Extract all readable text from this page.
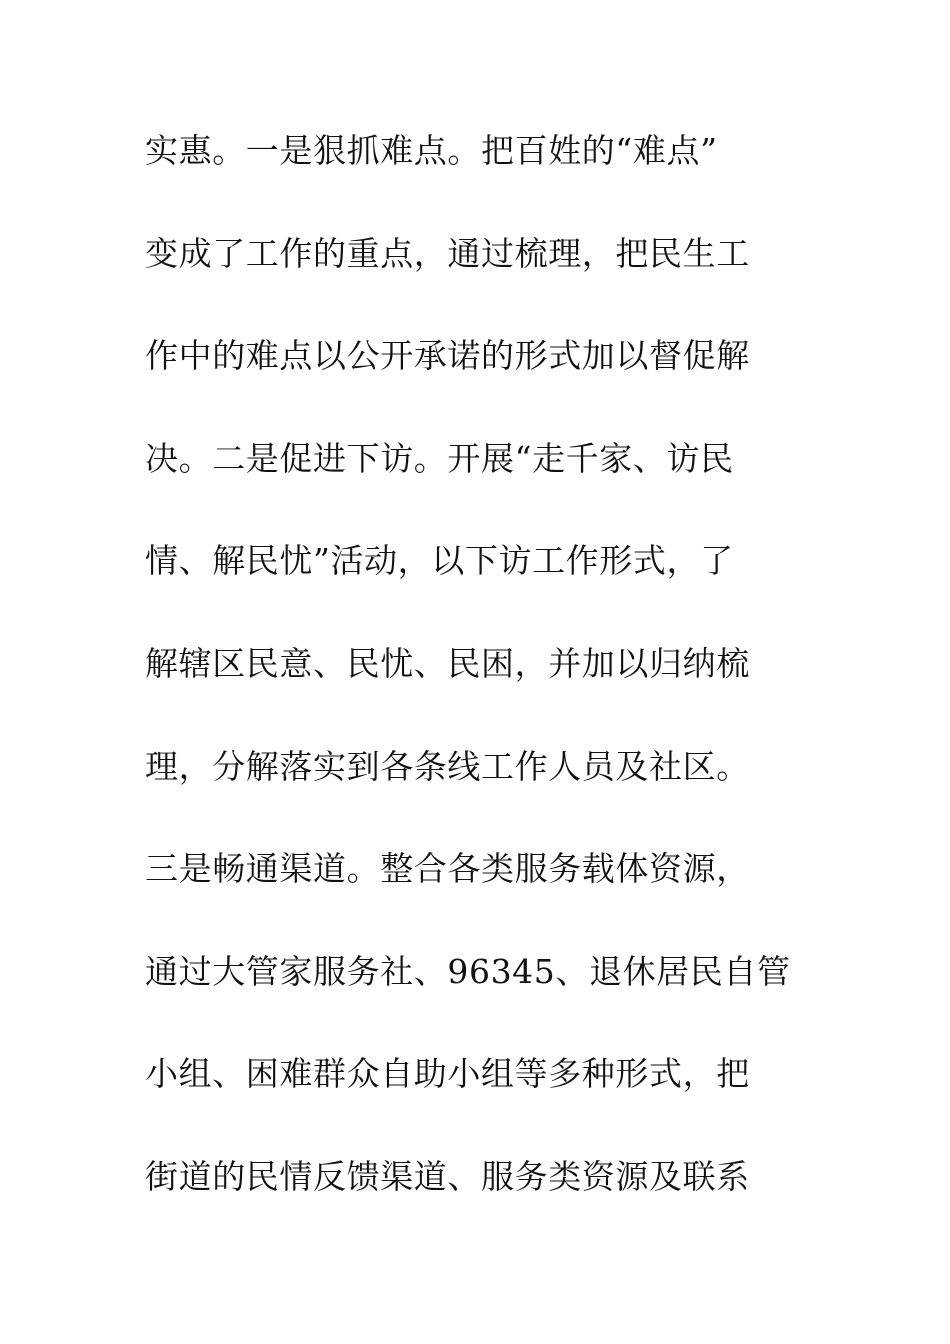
实惠。一是狠抓难点。把百姓的“难点”
变成了工作的重点，通过梳理，把民生工
作中的难点以公开承诺的形式加以督促解
决。二是促进下访。开展“走千家、访民
情、解民忧”活动，以下访工作形式，了
解辖区民意、民忧、民困，并加以归纳梳
理，分解落实到各条线工作人员及社区。
三是畅通渠道。整合各类服务载体资源，
通过大管家服务社、96345、退休居民自管
小组、困难群众自助小组等多种形式，把
街道的民情反馈渠道、服务类资源及联系
